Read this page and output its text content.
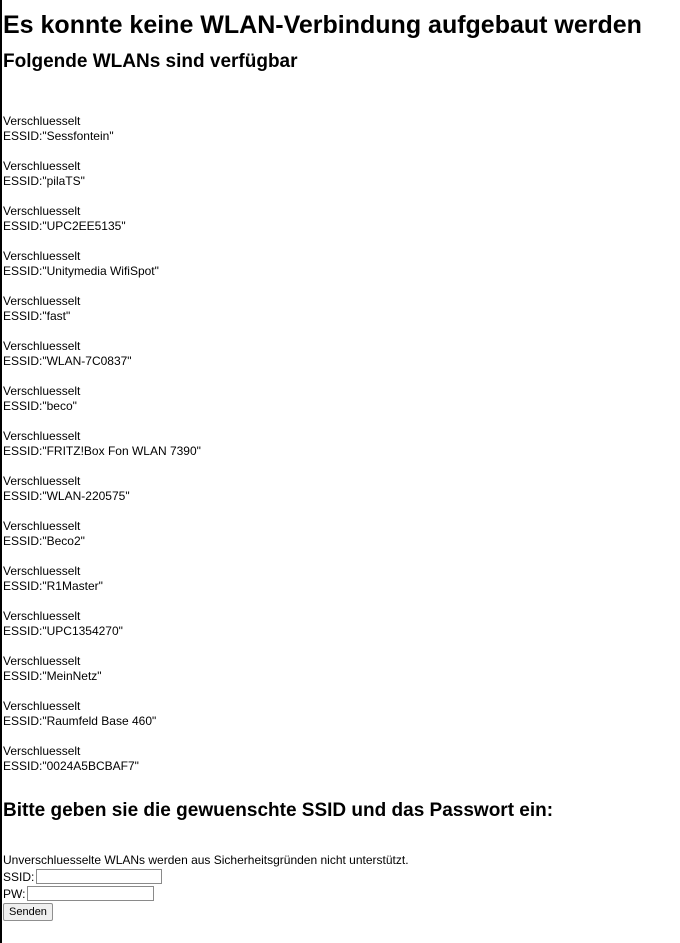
Es konnte keine WLAN-Verbindung aufgebaut werden
Folgende WLANs sind verfügbar
Verschluesselt
ESSID:"Sessfontein"
Verschluesselt
ESSID:"pilaTS"
Verschluesselt
ESSID:"UPC2EE5135"
Verschluesselt
ESSID:"Unitymedia WifiSpot"
Verschluesselt
ESSID:"fast"
Verschluesselt
ESSID:"WLAN-7C0837"
Verschluesselt
ESSID:"beco"
Verschluesselt
ESSID:"FRITZ!Box Fon WLAN 7390"
Verschluesselt
ESSID:"WLAN-220575"
Verschluesselt
ESSID:"Beco2"
Verschluesselt
ESSID:"R1Master"
Verschluesselt
ESSID:"UPC1354270"
Verschluesselt
ESSID:"MeinNetz"
Verschluesselt
ESSID:"Raumfeld Base 460"
Verschluesselt
ESSID:"0024A5BCBAF7"
Bitte geben sie die gewuenschte SSID und das Passwort ein:
Unverschluesselte WLANs werden aus Sicherheitsgründen nicht unterstützt.
SSID:
PW:
Senden
